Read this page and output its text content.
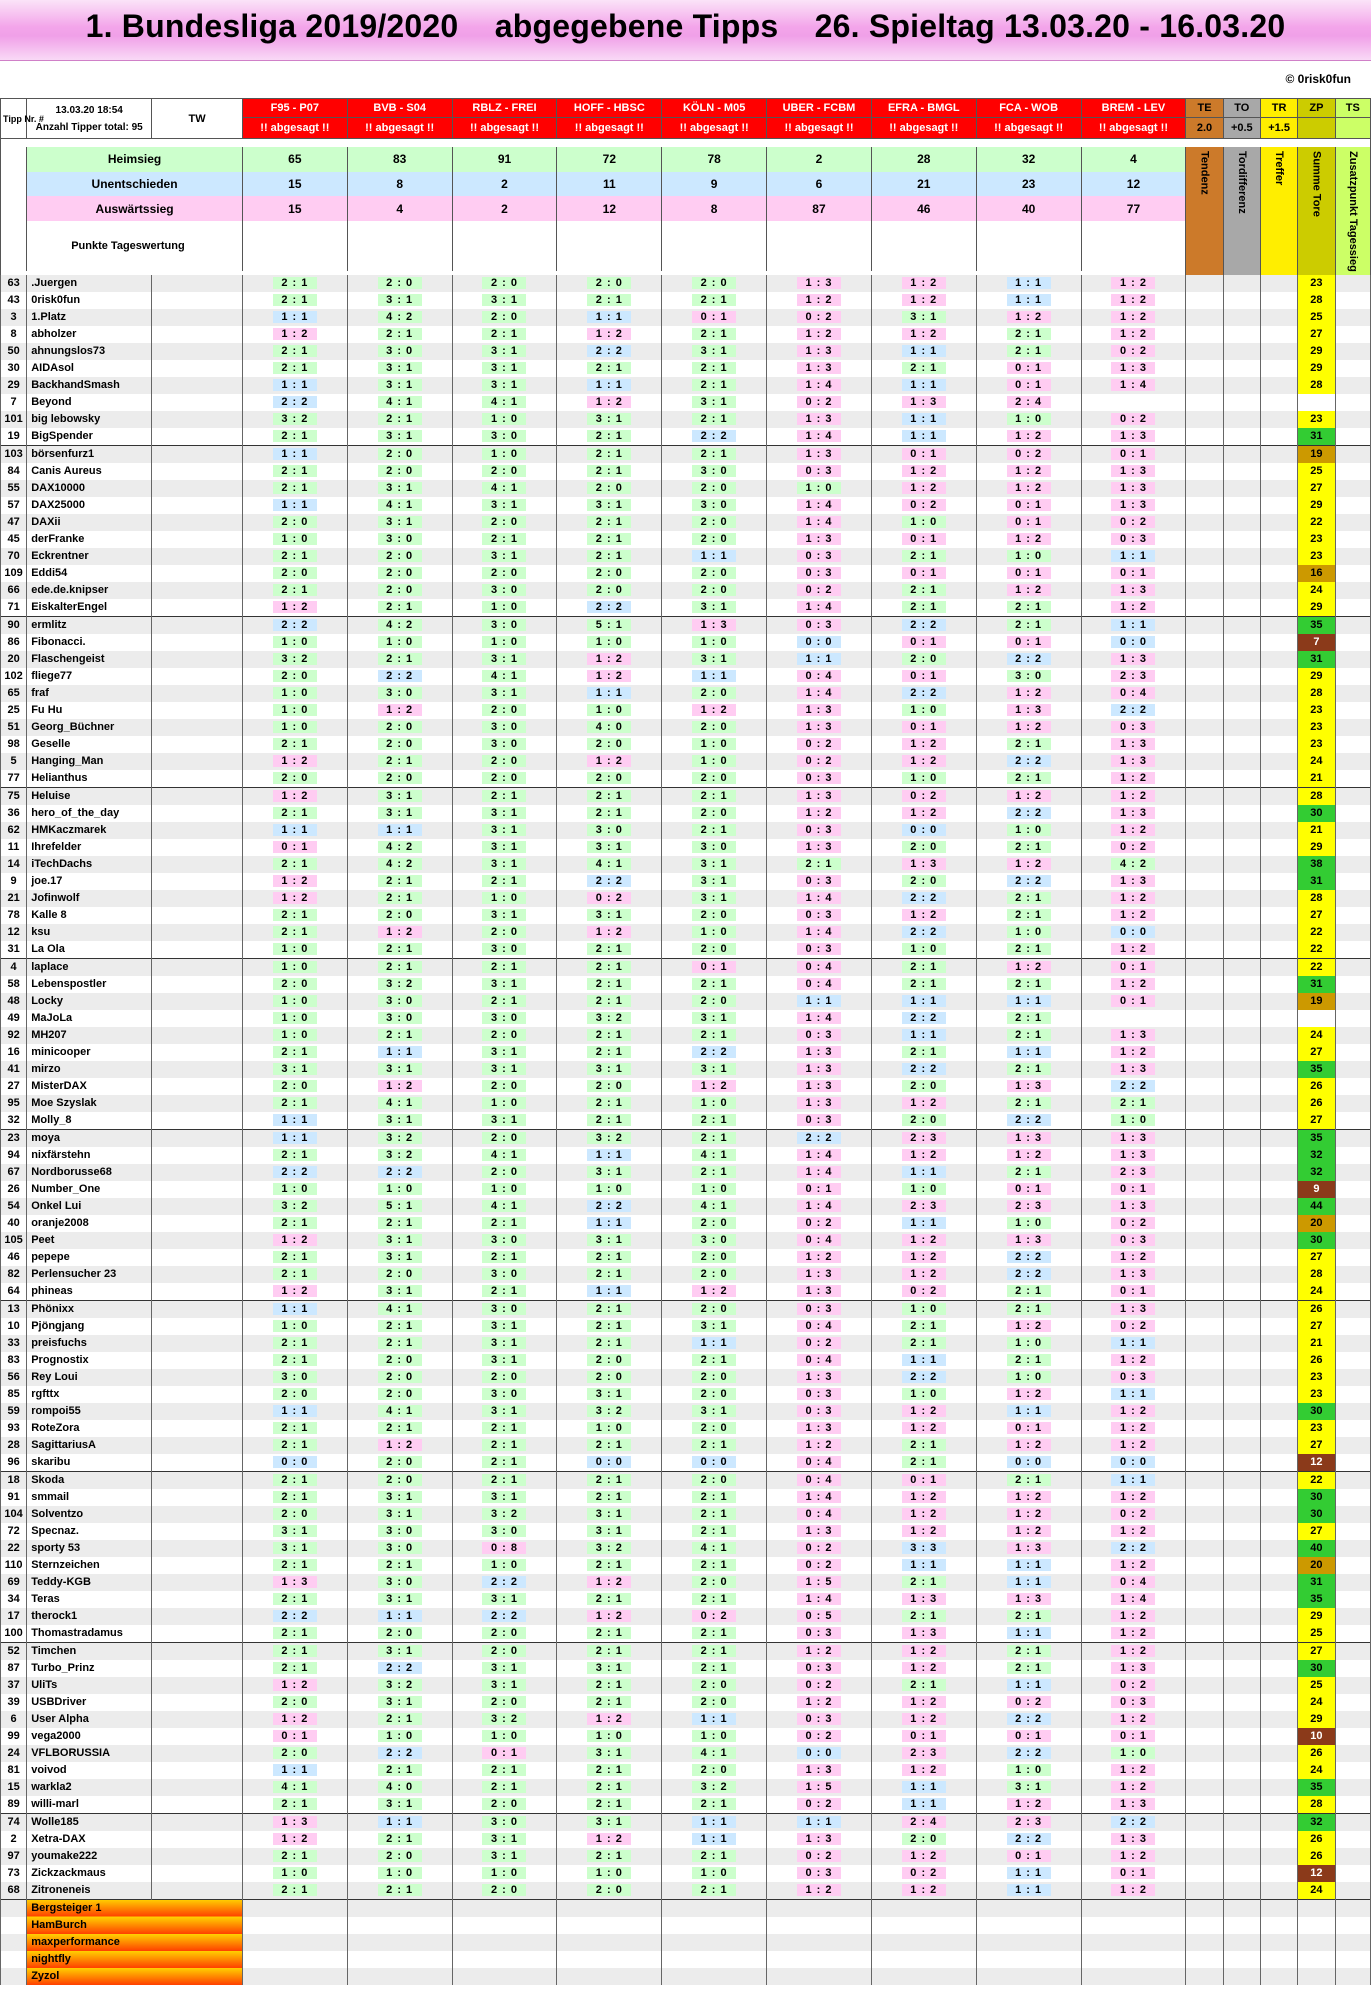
1. Bundesliga 2019/2020    abgegebene Tipps    26. Spieltag 13.03.20 - 16.03.20
© 0risk0fun
Tipp Nr. #	13.03.20 18:54
Anzahl Tipper total: 95	TW	F95 - P07	BVB - S04	RBLZ - FREI	HOFF - HBSC	KÖLN - M05	UBER - FCBM	EFRA - BMGL	FCA - WOB	BREM - LEV	TE	TO	TR	ZP	TS
			!! abgesagt !!	!! abgesagt !!	!! abgesagt !!	!! abgesagt !!	!! abgesagt !!	!! abgesagt !!	!! abgesagt !!	!! abgesagt !!	!! abgesagt !!	2.0	+0.5	+1.5		

	Heimsieg		65	83	91	72	78	2	28	32	4	Tendenz	Tordifferenz	Treffer	Summe Tore	Zusatzpunkt Tagessieg
	Unentschieden		15	8	2	11	9	6	21	23	12					
	Auswärtssieg		15	4	2	12	8	87	46	40	77					
	Punkte Tageswertung															

63	.Juergen		2 : 1	2 : 0	2 : 0	2 : 0	2 : 0	1 : 3	1 : 2	1 : 1	1 : 2				23	
43	0risk0fun		2 : 1	3 : 1	3 : 1	2 : 1	2 : 1	1 : 2	1 : 2	1 : 1	1 : 2				28	
3	1.Platz		1 : 1	4 : 2	2 : 0	1 : 1	0 : 1	0 : 2	3 : 1	1 : 2	1 : 2				25	
8	abholzer		1 : 2	2 : 1	2 : 1	1 : 2	2 : 1	1 : 2	1 : 2	2 : 1	1 : 2				27	
50	ahnungslos73		2 : 1	3 : 0	3 : 1	2 : 2	3 : 1	1 : 3	1 : 1	2 : 1	0 : 2				29	
30	AIDAsol		2 : 1	3 : 1	3 : 1	2 : 1	2 : 1	1 : 3	2 : 1	0 : 1	1 : 3				29	
29	BackhandSmash		1 : 1	3 : 1	3 : 1	1 : 1	2 : 1	1 : 4	1 : 1	0 : 1	1 : 4				28	
7	Beyond		2 : 2	4 : 1	4 : 1	1 : 2	3 : 1	0 : 2	1 : 3	2 : 4						
101	big lebowsky		3 : 2	2 : 1	1 : 0	3 : 1	2 : 1	1 : 3	1 : 1	1 : 0	0 : 2				23	
19	BigSpender		2 : 1	3 : 1	3 : 0	2 : 1	2 : 2	1 : 4	1 : 1	1 : 2	1 : 3				31	
103	börsenfurz1		1 : 1	2 : 0	1 : 0	2 : 1	2 : 1	1 : 3	0 : 1	0 : 2	0 : 1				19	
84	Canis Aureus		2 : 1	2 : 0	2 : 0	2 : 1	3 : 0	0 : 3	1 : 2	1 : 2	1 : 3				25	
55	DAX10000		2 : 1	3 : 1	4 : 1	2 : 0	2 : 0	1 : 0	1 : 2	1 : 2	1 : 3				27	
57	DAX25000		1 : 1	4 : 1	3 : 1	3 : 1	3 : 0	1 : 4	0 : 2	0 : 1	1 : 3				29	
47	DAXii		2 : 0	3 : 1	2 : 0	2 : 1	2 : 0	1 : 4	1 : 0	0 : 1	0 : 2				22	
45	derFranke		1 : 0	3 : 0	2 : 1	2 : 1	2 : 0	1 : 3	0 : 1	1 : 2	0 : 3				23	
70	Eckrentner		2 : 1	2 : 0	3 : 1	2 : 1	1 : 1	0 : 3	2 : 1	1 : 0	1 : 1				23	
109	Eddi54		2 : 0	2 : 0	2 : 0	2 : 0	2 : 0	0 : 3	0 : 1	0 : 1	0 : 1				16	
66	ede.de.knipser		2 : 1	2 : 0	3 : 0	2 : 0	2 : 0	0 : 2	2 : 1	1 : 2	1 : 3				24	
71	EiskalterEngel		1 : 2	2 : 1	1 : 0	2 : 2	3 : 1	1 : 4	2 : 1	2 : 1	1 : 2				29	
90	ermlitz		2 : 2	4 : 2	3 : 0	5 : 1	1 : 3	0 : 3	2 : 2	2 : 1	1 : 1				35	
86	Fibonacci.		1 : 0	1 : 0	1 : 0	1 : 0	1 : 0	0 : 0	0 : 1	0 : 1	0 : 0				7	
20	Flaschengeist		3 : 2	2 : 1	3 : 1	1 : 2	3 : 1	1 : 1	2 : 0	2 : 2	1 : 3				31	
102	fliege77		2 : 0	2 : 2	4 : 1	1 : 2	1 : 1	0 : 4	0 : 1	3 : 0	2 : 3				29	
65	fraf		1 : 0	3 : 0	3 : 1	1 : 1	2 : 0	1 : 4	2 : 2	1 : 2	0 : 4				28	
25	Fu Hu		1 : 0	1 : 2	2 : 0	1 : 0	1 : 2	1 : 3	1 : 0	1 : 3	2 : 2				23	
51	Georg_Büchner		1 : 0	2 : 0	3 : 0	4 : 0	2 : 0	1 : 3	0 : 1	1 : 2	0 : 3				23	
98	Geselle		2 : 1	2 : 0	3 : 0	2 : 0	1 : 0	0 : 2	1 : 2	2 : 1	1 : 3				23	
5	Hanging_Man		1 : 2	2 : 1	2 : 0	1 : 2	1 : 0	0 : 2	1 : 2	2 : 2	1 : 3				24	
77	Helianthus		2 : 0	2 : 0	2 : 0	2 : 0	2 : 0	0 : 3	1 : 0	2 : 1	1 : 2				21	
75	Heluise		1 : 2	3 : 1	2 : 1	2 : 1	2 : 1	1 : 3	0 : 2	1 : 2	1 : 2				28	
36	hero_of_the_day		2 : 1	3 : 1	3 : 1	2 : 1	2 : 0	1 : 2	1 : 2	2 : 2	1 : 3				30	
62	HMKaczmarek		1 : 1	1 : 1	3 : 1	3 : 0	2 : 1	0 : 3	0 : 0	1 : 0	1 : 2				21	
11	Ihrefelder		0 : 1	4 : 2	3 : 1	3 : 1	3 : 0	1 : 3	2 : 0	2 : 1	0 : 2				29	
14	iTechDachs		2 : 1	4 : 2	3 : 1	4 : 1	3 : 1	2 : 1	1 : 3	1 : 2	4 : 2				38	
9	joe.17		1 : 2	2 : 1	2 : 1	2 : 2	3 : 1	0 : 3	2 : 0	2 : 2	1 : 3				31	
21	Jofinwolf		1 : 2	2 : 1	1 : 0	0 : 2	3 : 1	1 : 4	2 : 2	2 : 1	1 : 2				28	
78	Kalle 8		2 : 1	2 : 0	3 : 1	3 : 1	2 : 0	0 : 3	1 : 2	2 : 1	1 : 2				27	
12	ksu		2 : 1	1 : 2	2 : 0	1 : 2	1 : 0	1 : 4	2 : 2	1 : 0	0 : 0				22	
31	La Ola		1 : 0	2 : 1	3 : 0	2 : 1	2 : 0	0 : 3	1 : 0	2 : 1	1 : 2				22	
4	laplace		1 : 0	2 : 1	2 : 1	2 : 1	0 : 1	0 : 4	2 : 1	1 : 2	0 : 1				22	
58	Lebenspostler		2 : 0	3 : 2	3 : 1	2 : 1	2 : 1	0 : 4	2 : 1	2 : 1	1 : 2				31	
48	Locky		1 : 0	3 : 0	2 : 1	2 : 1	2 : 0	1 : 1	1 : 1	1 : 1	0 : 1				19	
49	MaJoLa		1 : 0	3 : 0	3 : 0	3 : 2	3 : 1	1 : 4	2 : 2	2 : 1						
92	MH207		1 : 0	2 : 1	2 : 0	2 : 1	2 : 1	0 : 3	1 : 1	2 : 1	1 : 3				24	
16	minicooper		2 : 1	1 : 1	3 : 1	2 : 1	2 : 2	1 : 3	2 : 1	1 : 1	1 : 2				27	
41	mirzo		3 : 1	3 : 1	3 : 1	3 : 1	3 : 1	1 : 3	2 : 2	2 : 1	1 : 3				35	
27	MisterDAX		2 : 0	1 : 2	2 : 0	2 : 0	1 : 2	1 : 3	2 : 0	1 : 3	2 : 2				26	
95	Moe Szyslak		2 : 1	4 : 1	1 : 0	2 : 1	1 : 0	1 : 3	1 : 2	2 : 1	2 : 1				26	
32	Molly_8		1 : 1	3 : 1	3 : 1	2 : 1	2 : 1	0 : 3	2 : 0	2 : 2	1 : 0				27	
23	moya		1 : 1	3 : 2	2 : 0	3 : 2	2 : 1	2 : 2	2 : 3	1 : 3	1 : 3				35	
94	nixfärstehn		2 : 1	3 : 2	4 : 1	1 : 1	4 : 1	1 : 4	1 : 2	1 : 2	1 : 3				32	
67	Nordborusse68		2 : 2	2 : 2	2 : 0	3 : 1	2 : 1	1 : 4	1 : 1	2 : 1	2 : 3				32	
26	Number_One		1 : 0	1 : 0	1 : 0	1 : 0	1 : 0	0 : 1	1 : 0	0 : 1	0 : 1				9	
54	Onkel Lui		3 : 2	5 : 1	4 : 1	2 : 2	4 : 1	1 : 4	2 : 3	2 : 3	1 : 3				44	
40	oranje2008		2 : 1	2 : 1	2 : 1	1 : 1	2 : 0	0 : 2	1 : 1	1 : 0	0 : 2				20	
105	Peet		1 : 2	3 : 1	3 : 0	3 : 1	3 : 0	0 : 4	1 : 2	1 : 3	0 : 3				30	
46	pepepe		2 : 1	3 : 1	2 : 1	2 : 1	2 : 0	1 : 2	1 : 2	2 : 2	1 : 2				27	
82	Perlensucher 23		2 : 1	2 : 0	3 : 0	2 : 1	2 : 0	1 : 3	1 : 2	2 : 2	1 : 3				28	
64	phineas		1 : 2	3 : 1	2 : 1	1 : 1	1 : 2	1 : 3	0 : 2	2 : 1	0 : 1				24	
13	Phönixx		1 : 1	4 : 1	3 : 0	2 : 1	2 : 0	0 : 3	1 : 0	2 : 1	1 : 3				26	
10	Pjöngjang		1 : 0	2 : 1	3 : 1	2 : 1	3 : 1	0 : 4	2 : 1	1 : 2	0 : 2				27	
33	preisfuchs		2 : 1	2 : 1	3 : 1	2 : 1	1 : 1	0 : 2	2 : 1	1 : 0	1 : 1				21	
83	Prognostix		2 : 1	2 : 0	3 : 1	2 : 0	2 : 1	0 : 4	1 : 1	2 : 1	1 : 2				26	
56	Rey Loui		3 : 0	2 : 0	2 : 0	2 : 0	2 : 0	1 : 3	2 : 2	1 : 0	0 : 3				23	
85	rgfttx		2 : 0	2 : 0	3 : 0	3 : 1	2 : 0	0 : 3	1 : 0	1 : 2	1 : 1				23	
59	rompoi55		1 : 1	4 : 1	3 : 1	3 : 2	3 : 1	0 : 3	1 : 2	1 : 1	1 : 2				30	
93	RoteZora		2 : 1	2 : 1	2 : 1	1 : 0	2 : 0	1 : 3	1 : 2	0 : 1	1 : 2				23	
28	SagittariusA		2 : 1	1 : 2	2 : 1	2 : 1	2 : 1	1 : 2	2 : 1	1 : 2	1 : 2				27	
96	skaribu		0 : 0	2 : 0	2 : 1	0 : 0	0 : 0	0 : 4	2 : 1	0 : 0	0 : 0				12	
18	Skoda		2 : 1	2 : 0	2 : 1	2 : 1	2 : 0	0 : 4	0 : 1	2 : 1	1 : 1				22	
91	smmail		2 : 1	3 : 1	3 : 1	2 : 1	2 : 1	1 : 4	1 : 2	1 : 2	1 : 2				30	
104	Solventzo		2 : 0	3 : 1	3 : 2	3 : 1	2 : 1	0 : 4	1 : 2	1 : 2	0 : 2				30	
72	Specnaz.		3 : 1	3 : 0	3 : 0	3 : 1	2 : 1	1 : 3	1 : 2	1 : 2	1 : 2				27	
22	sporty 53		3 : 1	3 : 0	0 : 8	3 : 2	4 : 1	0 : 2	3 : 3	1 : 3	2 : 2				40	
110	Sternzeichen		2 : 1	2 : 1	1 : 0	2 : 1	2 : 1	0 : 2	1 : 1	1 : 1	1 : 2				20	
69	Teddy-KGB		1 : 3	3 : 0	2 : 2	1 : 2	2 : 0	1 : 5	2 : 1	1 : 1	0 : 4				31	
34	Teras		2 : 1	3 : 1	3 : 1	2 : 1	2 : 1	1 : 4	1 : 3	1 : 3	1 : 4				35	
17	therock1		2 : 2	1 : 1	2 : 2	1 : 2	0 : 2	0 : 5	2 : 1	2 : 1	1 : 2				29	
100	Thomastradamus		2 : 1	2 : 0	2 : 0	2 : 1	2 : 1	0 : 3	1 : 3	1 : 1	1 : 2				25	
52	Timchen		2 : 1	3 : 1	2 : 0	2 : 1	2 : 1	1 : 2	1 : 2	2 : 1	1 : 2				27	
87	Turbo_Prinz		2 : 1	2 : 2	3 : 1	3 : 1	2 : 1	0 : 3	1 : 2	2 : 1	1 : 3				30	
37	UliTs		1 : 2	3 : 2	3 : 1	2 : 1	2 : 0	0 : 2	2 : 1	1 : 1	0 : 2				25	
39	USBDriver		2 : 0	3 : 1	2 : 0	2 : 1	2 : 0	1 : 2	1 : 2	0 : 2	0 : 3				24	
6	User Alpha		1 : 2	2 : 1	3 : 2	1 : 2	1 : 1	0 : 3	1 : 2	2 : 2	1 : 2				29	
99	vega2000		0 : 1	1 : 0	1 : 0	1 : 0	1 : 0	0 : 2	0 : 1	0 : 1	0 : 1				10	
24	VFLBORUSSIA		2 : 0	2 : 2	0 : 1	3 : 1	4 : 1	0 : 0	2 : 3	2 : 2	1 : 0				26	
81	voivod		1 : 1	2 : 1	2 : 1	2 : 1	2 : 0	1 : 3	1 : 2	1 : 0	1 : 2				24	
15	warkla2		4 : 1	4 : 0	2 : 1	2 : 1	3 : 2	1 : 5	1 : 1	3 : 1	1 : 2				35	
89	willi-marl		2 : 1	3 : 1	2 : 0	2 : 1	2 : 1	0 : 2	1 : 1	1 : 2	1 : 3				28	
74	Wolle185		1 : 3	1 : 1	3 : 0	3 : 1	1 : 1	1 : 1	2 : 4	2 : 3	2 : 2				32	
2	Xetra-DAX		1 : 2	2 : 1	3 : 1	1 : 2	1 : 1	1 : 3	2 : 0	2 : 2	1 : 3				26	
97	youmake222		2 : 1	2 : 0	3 : 1	2 : 1	2 : 1	0 : 2	1 : 2	0 : 1	1 : 2				26	
73	Zickzackmaus		1 : 0	1 : 0	1 : 0	1 : 0	1 : 0	0 : 3	0 : 2	1 : 1	0 : 1				12	
68	Zitroneneis		2 : 1	2 : 1	2 : 0	2 : 0	2 : 1	1 : 2	1 : 2	1 : 1	1 : 2				24	
	Bergsteiger 1															
	HamBurch															
	maxperformance															
	nightfly															
	Zyzol															
